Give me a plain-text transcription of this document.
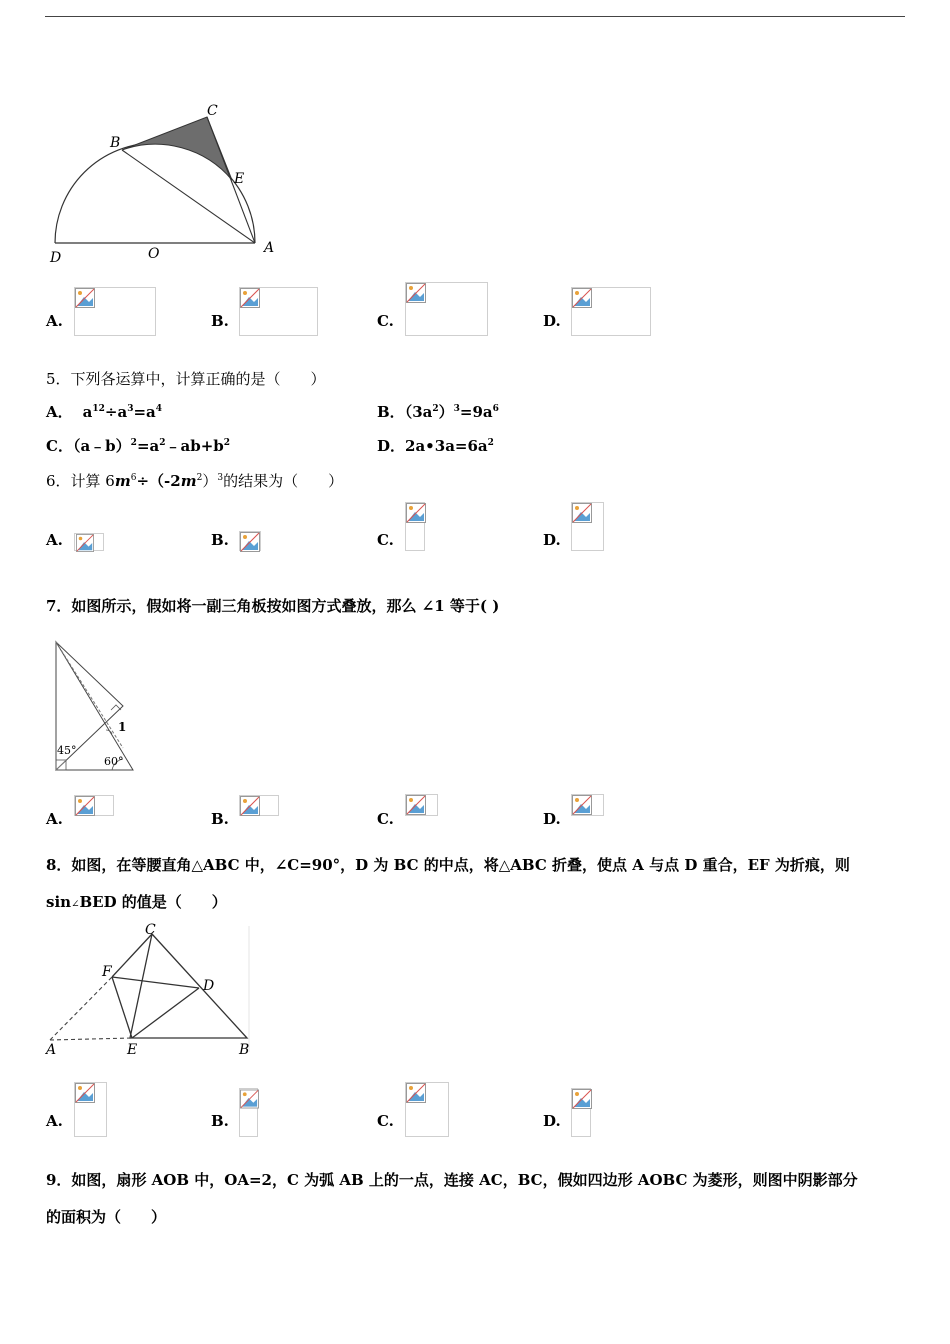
B
C
E
D	O	A
A.	B.	C.	D.
5．下列各运算中，计算正确的是（　　）
A． $a^{12}\div a^3=a^4$	B．$(3a^2)^3=9a^6$
C．$(a﹣b)^2=a^2﹣ab+b^2$	D．$2a•3a=6a^2$
6．计算 $6m^6\div(-2m^2)^3$的结果为（　　）
A.	B.	C.	D.
7．如图所示，假如将一副三角板按如图方式叠放，那么 ∠1 等于( )
45°
60°
1
A.	B.	C.	D.
8．如图，在等腰直角△ABC 中，∠C=90°，D 为 BC 的中点，将△ABC 折叠，使点 A 与点 D 重合，EF 为折痕，则
sin∠BED 的值是（　　）
C
F
D
A	E	B
A.	B.	C.	D.
9．如图，扇形 AOB 中，OA=2，C 为弧 AB 上的一点，连接 AC，BC，假如四边形 AOBC 为菱形，则图中阴影部分
的面积为（　　）
